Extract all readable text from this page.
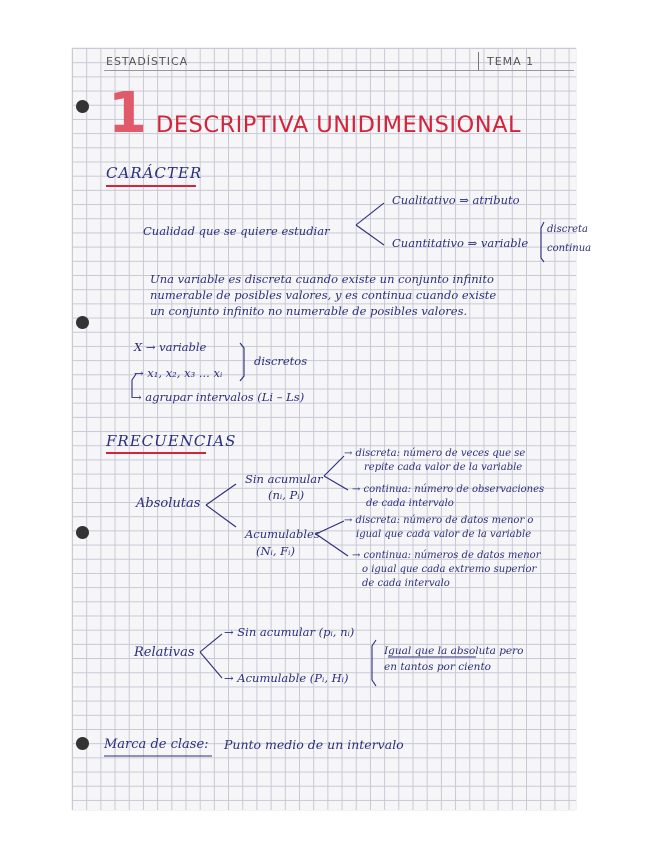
ESTADÍSTICA	TEMA 1
1 DESCRIPTIVA UNIDIMENSIONAL
CARÁCTER
Cualidad que se quiere estudiar
Cualitativo ⇒ atributo
Cuantitativo ⇒ variable
discreta
continua
Una variable es discreta cuando existe un conjunto infinito
numerable de posibles valores, y es continua cuando existe
un conjunto infinito no numerable de posibles valores.
X → variable
→ x₁, x₂, x₃ ... xᵢ
discretos
→ agrupar intervalos (Li – Ls)
FRECUENCIAS
Absolutas
Sin acumular
(nᵢ, Pᵢ)
→ discreta: número de veces que se
repite cada valor de la variable
→ continua: número de observaciones
de cada intervalo
Acumulables
(Nᵢ, Fᵢ)
→ discreta: número de datos menor o
igual que cada valor de la variable
→ continua: números de datos menor
o igual que cada extremo superior
de cada intervalo
Relativas
→ Sin acumular (pᵢ, nᵢ)
→ Acumulable (Pᵢ, Hᵢ)
Igual que la absoluta pero
en tantos por ciento
Marca de clase: Punto medio de un intervalo
